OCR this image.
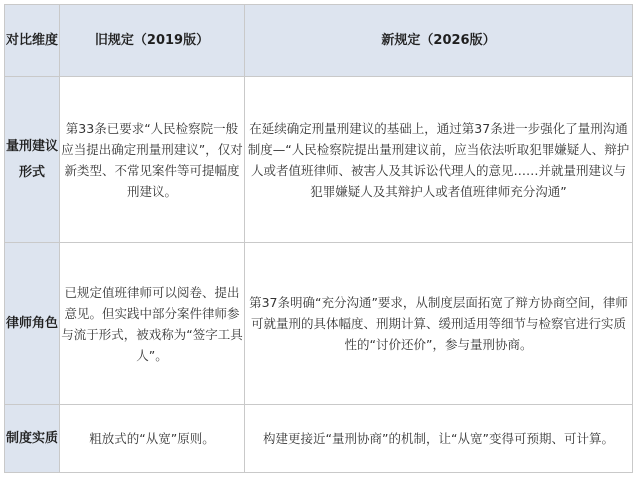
对比维度	旧规定（2019版）	新规定（2026版）
量刑建议形式	第33条已要求“人民检察院一般应当提出确定刑量刑建议”，仅对新类型、不常见案件等可提幅度刑建议。	在延续确定刑量刑建议的基础上，通过第37条进一步强化了量刑沟通制度—“人民检察院提出量刑建议前，应当依法听取犯罪嫌疑人、辩护人或者值班律师、被害人及其诉讼代理人的意见……并就量刑建议与犯罪嫌疑人及其辩护人或者值班律师充分沟通”
律师角色	已规定值班律师可以阅卷、提出意见。但实践中部分案件律师参与流于形式，被戏称为“签字工具人”。	第37条明确“充分沟通”要求，从制度层面拓宽了辩方协商空间，律师可就量刑的具体幅度、刑期计算、缓刑适用等细节与检察官进行实质性的“讨价还价”，参与量刑协商。
制度实质	粗放式的“从宽”原则。	构建更接近“量刑协商”的机制，让“从宽”变得可预期、可计算。
